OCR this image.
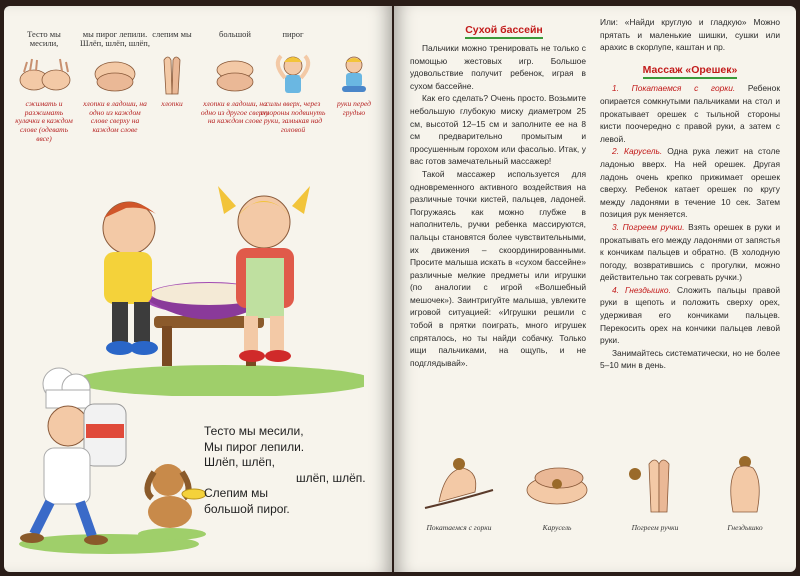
Тесто мы месили,
сжимать и разжимать кулачки в каждом слове (одевать ввсе)
мы пирог лепили. Шлёп, шлёп, шлёп,
хлопки в ладоши, на одно из каждом слове сверху на каждом слове
слепим мы
хлопки
большой
хлопки в ладоши, на одно из другое сверху на каждом слове
пирог
силы вверх, через стороны подвинуть руки, замыкая над головой
руки перед грудью
Тесто мы месили,
Мы пирог лепили.
Шлёп, шлёп,
шлёп, шлёп.
Слепим мы
большой пирог.
Сухой бассейн

Пальчики можно тренировать не только с помощью жестовых игр. Большое удовольствие получит ребенок, играя в сухом бассейне.

Как его сделать? Очень просто. Возьмите небольшую глубокую миску диаметром 25 см, высотой 12–15 см и заполните ее на 8 см предварительно промытым и просушенным горохом или фасолью. Итак, у вас готов замечательный массажер!

Такой массажер используется для одновременного активного воздействия на различные точки кистей, пальцев, ладоней. Погружаясь как можно глубже в наполнитель, ручки ребенка массируются, пальцы становятся более чувствительными, их движения – скоординированными. Просите малыша искать в «сухом бассейне» различные мелкие предметы или игрушки (по аналогии с игрой «Волшебный мешочек»). Заинтригуйте малыша, увлеките игровой ситуацией: «Игрушки решили с тобой в прятки поиграть, много игрушек спряталось, но ты найди собачку. Только ищи пальчиками, на ощупь, и не подглядывай».

Или: «Найди круглую и гладкую» Можно прятать и маленькие шишки, сушки или арахис в скорлупе, каштан и пр.

Массаж «Орешек»

1. Покатаемся с горки. Ребенок опирается сомкнутыми пальчиками на стол и прокатывает орешек с тыльной стороны кисти поочередно с правой руки, а затем с левой.

2. Карусель. Одна рука лежит на столе ладонью вверх. На ней орешек. Другая ладонь очень крепко прижимает орешек сверху. Ребенок катает орешек по кругу между ладонями в течение 10 сек. Затем позиция рук меняется.

3. Погреем ручки. Взять орешек в руки и прокатывать его между ладонями от запястья к кончикам пальцев и обратно. (В холодную погоду, возвратившись с прогулки, можно действительно так согревать ручки.)

4. Гнездышко. Сложить пальцы правой руки в щепоть и положить сверху орех, удерживая его кончиками пальцев. Перекосить орех на кончики пальцев левой руки.

Занимайтесь систематически, но не более 5–10 мин в день.

Покатаемся с горки	Карусель	Погреем ручки	Гнездышко
